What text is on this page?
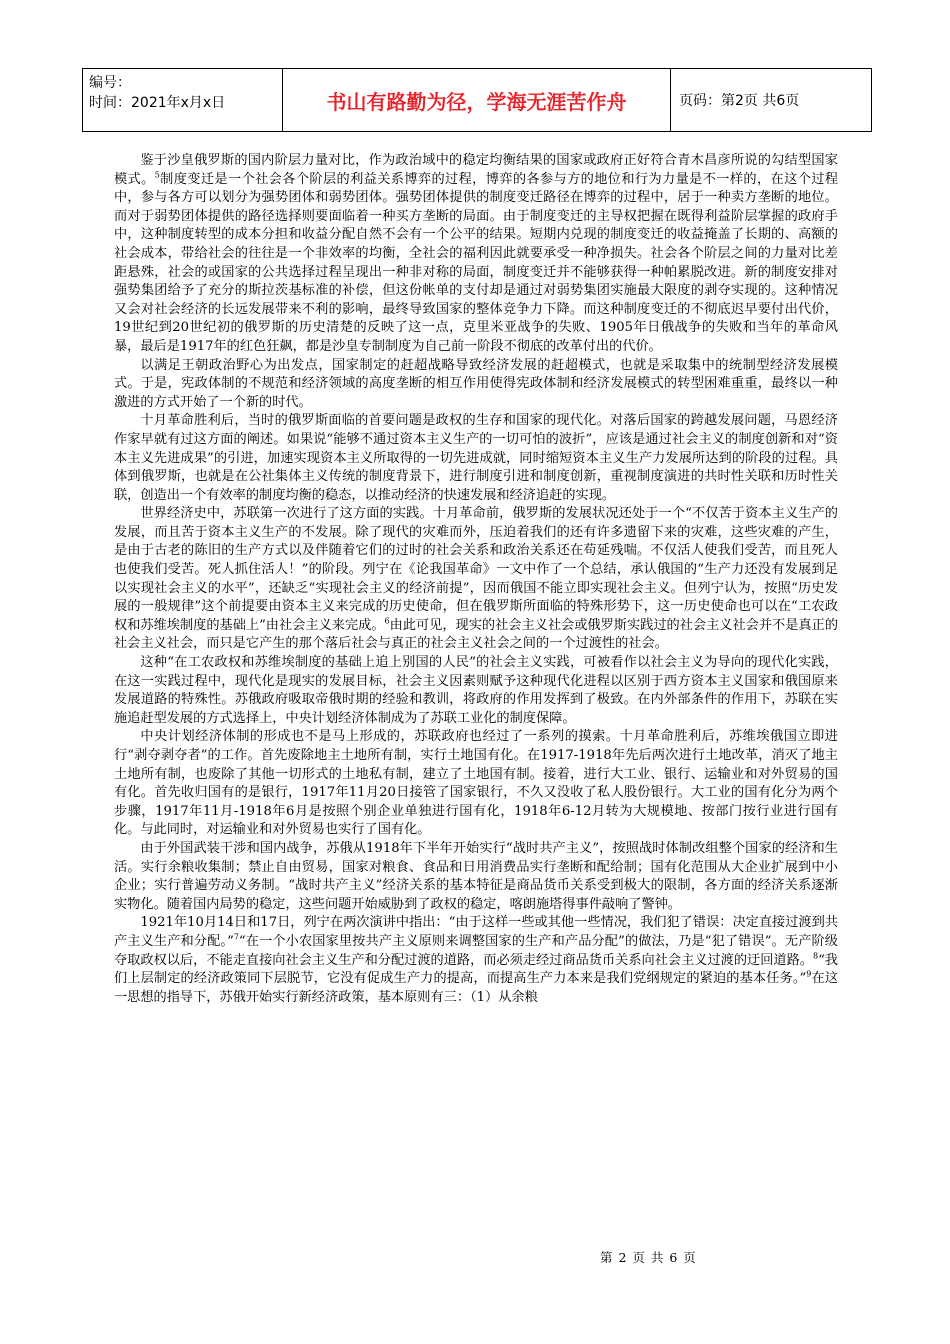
编号：
时间：2021年x月x日	书山有路勤为径，学海无涯苦作舟	页码：第2页 共6页

鉴于沙皇俄罗斯的国内阶层力量对比，作为政治域中的稳定均衡结果的国家或政府正好符合青木昌彦所说的勾结型国家模式。$^5$制度变迁是一个社会各个阶层的利益关系博弈的过程，博弈的各参与方的地位和行为力量是不一样的，在这个过程中，参与各方可以划分为强势团体和弱势团体。强势团体提供的制度变迁路径在博弈的过程中，居于一种卖方垄断的地位。而对于弱势团体提供的路径选择则要面临着一种买方垄断的局面。由于制度变迁的主导权把握在既得利益阶层掌握的政府手中，这种制度转型的成本分担和收益分配自然不会有一个公平的结果。短期内兑现的制度变迁的收益掩盖了长期的、高额的社会成本，带给社会的往往是一个非效率的均衡，全社会的福利因此就要承受一种净损失。社会各个阶层之间的力量对比差距悬殊，社会的或国家的公共选择过程呈现出一种非对称的局面，制度变迁并不能够获得一种帕累脱改进。新的制度安排对强势集团给予了充分的斯拉茨基标准的补偿，但这份帐单的支付却是通过对弱势集团实施最大限度的剥夺实现的。这种情况又会对社会经济的长远发展带来不利的影响，最终导致国家的整体竞争力下降。而这种制度变迁的不彻底迟早要付出代价，19世纪到20世纪初的俄罗斯的历史清楚的反映了这一点，克里米亚战争的失败、1905年日俄战争的失败和当年的革命风暴，最后是1917年的红色狂飙，都是沙皇专制制度为自己前一阶段不彻底的改革付出的代价。

以满足王朝政治野心为出发点，国家制定的赶超战略导致经济发展的赶超模式，也就是采取集中的统制型经济发展模式。于是，宪政体制的不规范和经济领域的高度垄断的相互作用使得宪政体制和经济发展模式的转型困难重重，最终以一种激进的方式开始了一个新的时代。

十月革命胜利后，当时的俄罗斯面临的首要问题是政权的生存和国家的现代化。对落后国家的跨越发展问题，马恩经济作家早就有过这方面的阐述。如果说“能够不通过资本主义生产的一切可怕的波折”，应该是通过社会主义的制度创新和对“资本主义先进成果”的引进，加速实现资本主义所取得的一切先进成就，同时缩短资本主义生产力发展所达到的阶段的过程。具体到俄罗斯，也就是在公社集体主义传统的制度背景下，进行制度引进和制度创新，重视制度演进的共时性关联和历时性关联，创造出一个有效率的制度均衡的稳态，以推动经济的快速发展和经济追赶的实现。

世界经济史中，苏联第一次进行了这方面的实践。十月革命前，俄罗斯的发展状况还处于一个“不仅苦于资本主义生产的发展，而且苦于资本主义生产的不发展。除了现代的灾难而外，压迫着我们的还有许多遗留下来的灾难，这些灾难的产生，是由于古老的陈旧的生产方式以及伴随着它们的过时的社会关系和政治关系还在苟延残喘。不仅活人使我们受苦，而且死人也使我们受苦。死人抓住活人！”的阶段。列宁在《论我国革命》一文中作了一个总结，承认俄国的“生产力还没有发展到足以实现社会主义的水平”，还缺乏“实现社会主义的经济前提”，因而俄国不能立即实现社会主义。但列宁认为，按照“历史发展的一般规律”这个前提要由资本主义来完成的历史使命，但在俄罗斯所面临的特殊形势下，这一历史使命也可以在“工农政权和苏维埃制度的基础上”由社会主义来完成。$^6$由此可见，现实的社会主义社会或俄罗斯实践过的社会主义社会并不是真正的社会主义社会，而只是它产生的那个落后社会与真正的社会主义社会之间的一个过渡性的社会。

这种“在工农政权和苏维埃制度的基础上追上别国的人民”的社会主义实践，可被看作以社会主义为导向的现代化实践，在这一实践过程中，现代化是现实的发展目标，社会主义因素则赋予这种现代化进程以区别于西方资本主义国家和俄国原来发展道路的特殊性。苏俄政府吸取帝俄时期的经验和教训，将政府的作用发挥到了极致。在内外部条件的作用下，苏联在实施追赶型发展的方式选择上，中央计划经济体制成为了苏联工业化的制度保障。

中央计划经济体制的形成也不是马上形成的，苏联政府也经过了一系列的摸索。十月革命胜利后，苏维埃俄国立即进行“剥夺剥夺者”的工作。首先废除地主土地所有制，实行土地国有化。在1917-1918年先后两次进行土地改革，消灭了地主土地所有制，也废除了其他一切形式的土地私有制，建立了土地国有制。接着，进行大工业、银行、运输业和对外贸易的国有化。首先收归国有的是银行，1917年11月20日接管了国家银行，不久又没收了私人股份银行。大工业的国有化分为两个步骤，1917年11月-1918年6月是按照个别企业单独进行国有化，1918年6-12月转为大规模地、按部门按行业进行国有化。与此同时，对运输业和对外贸易也实行了国有化。

由于外国武装干涉和国内战争，苏俄从1918年下半年开始实行“战时共产主义”，按照战时体制改组整个国家的经济和生活。实行余粮收集制；禁止自由贸易，国家对粮食、食品和日用消费品实行垄断和配给制；国有化范围从大企业扩展到中小企业；实行普遍劳动义务制。“战时共产主义”经济关系的基本特征是商品货币关系受到极大的限制，各方面的经济关系逐渐实物化。随着国内局势的稳定，这些问题开始威胁到了政权的稳定，喀朗施塔得事件敲响了警钟。

1921年10月14日和17日，列宁在两次演讲中指出：“由于这样一些或其他一些情况，我们犯了错误：决定直接过渡到共产主义生产和分配。”$^7$“在一个小农国家里按共产主义原则来调整国家的生产和产品分配”的做法，乃是“犯了错误”。无产阶级夺取政权以后，不能走直接向社会主义生产和分配过渡的道路，而必须走经过商品货币关系向社会主义过渡的迂回道路。$^8$“我们上层制定的经济政策同下层脱节，它没有促成生产力的提高，而提高生产力本来是我们党纲规定的紧迫的基本任务。”$^9$在这一思想的指导下，苏俄开始实行新经济政策，基本原则有三：（1）从余粮

第 2 页 共 6 页
